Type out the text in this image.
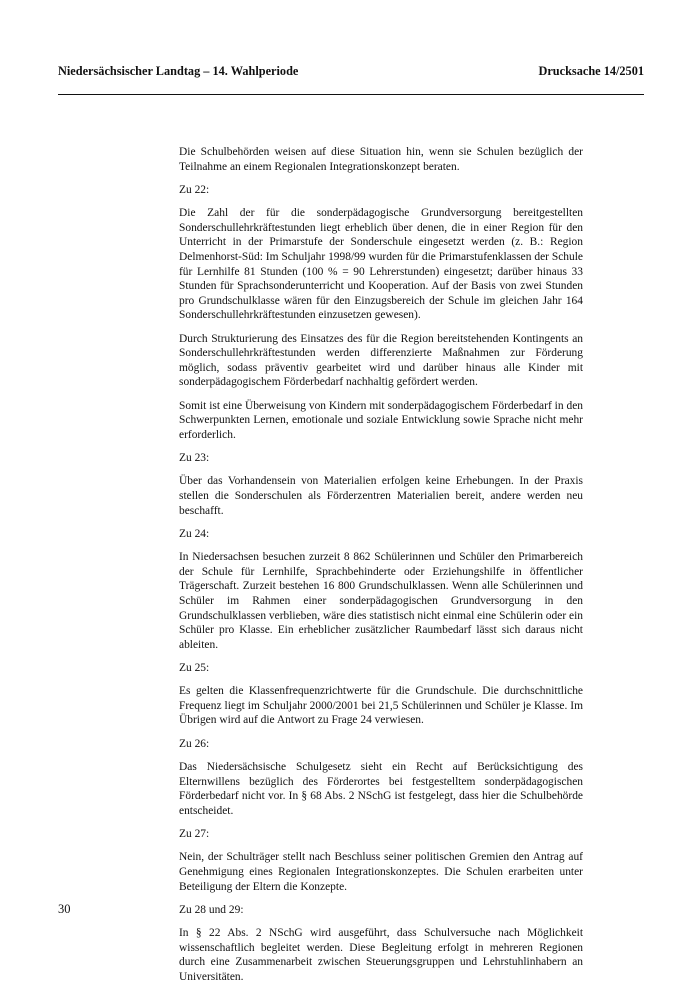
Niedersächsischer Landtag – 14. Wahlperiode	Drucksache 14/2501

Die Schulbehörden weisen auf diese Situation hin, wenn sie Schulen bezüglich der Teilnahme an einem Regionalen Integrationskonzept beraten.

Zu 22:

Die Zahl der für die sonderpädagogische Grundversorgung bereitgestellten Sonderschullehrkräftestunden liegt erheblich über denen, die in einer Region für den Unterricht in der Primarstufe der Sonderschule eingesetzt werden (z. B.: Region Delmenhorst-Süd: Im Schuljahr 1998/99 wurden für die Primarstufenklassen der Schule für Lernhilfe 81 Stunden (100 % = 90 Lehrerstunden) eingesetzt; darüber hinaus 33 Stunden für Sprachsonderunterricht und Kooperation. Auf der Basis von zwei Stunden pro Grundschulklasse wären für den Einzugsbereich der Schule im gleichen Jahr 164 Sonderschullehrkräftestunden einzusetzen gewesen).

Durch Strukturierung des Einsatzes des für die Region bereitstehenden Kontingents an Sonderschullehrkräftestunden werden differenzierte Maßnahmen zur Förderung möglich, sodass präventiv gearbeitet wird und darüber hinaus alle Kinder mit sonderpädagogischem Förderbedarf nachhaltig gefördert werden.

Somit ist eine Überweisung von Kindern mit sonderpädagogischem Förderbedarf in den Schwerpunkten Lernen, emotionale und soziale Entwicklung sowie Sprache nicht mehr erforderlich.

Zu 23:

Über das Vorhandensein von Materialien erfolgen keine Erhebungen. In der Praxis stellen die Sonderschulen als Förderzentren Materialien bereit, andere werden neu beschafft.

Zu 24:

In Niedersachsen besuchen zurzeit 8 862 Schülerinnen und Schüler den Primarbereich der Schule für Lernhilfe, Sprachbehinderte oder Erziehungshilfe in öffentlicher Trägerschaft. Zurzeit bestehen 16 800 Grundschulklassen. Wenn alle Schülerinnen und Schüler im Rahmen einer sonderpädagogischen Grundversorgung in den Grundschulklassen verblieben, wäre dies statistisch nicht einmal eine Schülerin oder ein Schüler pro Klasse. Ein erheblicher zusätzlicher Raumbedarf lässt sich daraus nicht ableiten.

Zu 25:

Es gelten die Klassenfrequenzrichtwerte für die Grundschule. Die durchschnittliche Frequenz liegt im Schuljahr 2000/2001 bei 21,5 Schülerinnen und Schüler je Klasse. Im Übrigen wird auf die Antwort zu Frage 24 verwiesen.

Zu 26:

Das Niedersächsische Schulgesetz sieht ein Recht auf Berücksichtigung des Elternwillens bezüglich des Förderortes bei festgestelltem sonderpädagogischen Förderbedarf nicht vor. In § 68 Abs. 2 NSchG ist festgelegt, dass hier die Schulbehörde entscheidet.

Zu 27:

Nein, der Schulträger stellt nach Beschluss seiner politischen Gremien den Antrag auf Genehmigung eines Regionalen Integrationskonzeptes. Die Schulen erarbeiten unter Beteiligung der Eltern die Konzepte.

Zu 28 und 29:

In § 22 Abs. 2 NSchG wird ausgeführt, dass Schulversuche nach Möglichkeit wissenschaftlich begleitet werden. Diese Begleitung erfolgt in mehreren Regionen durch eine Zusammenarbeit zwischen Steuerungsgruppen und Lehrstuhlinhabern an Universitäten.

30
